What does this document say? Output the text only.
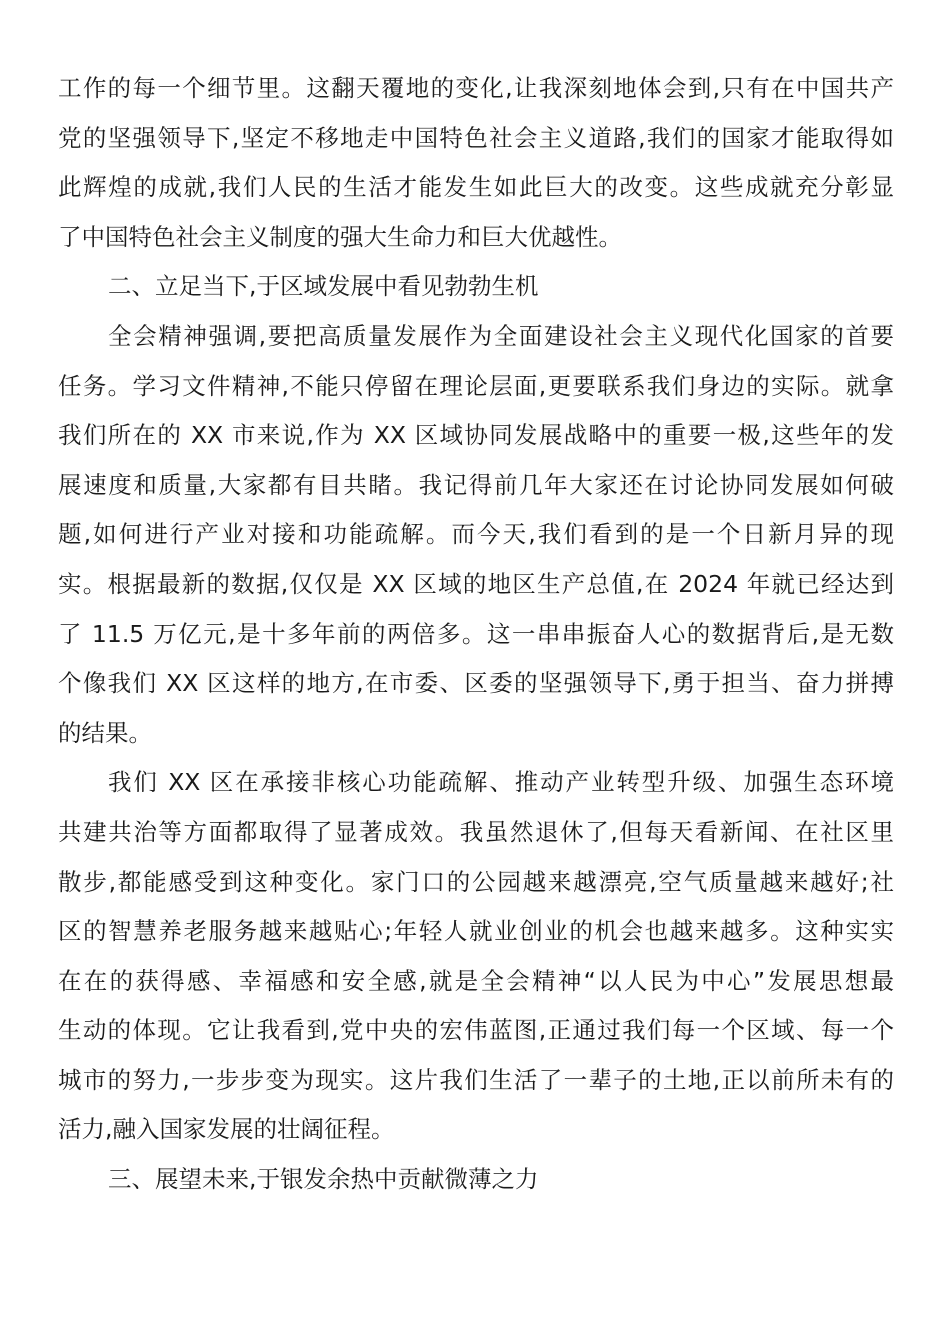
工作的每一个细节里。这翻天覆地的变化,让我深刻地体会到,只有在中国共产
党的坚强领导下,坚定不移地走中国特色社会主义道路,我们的国家才能取得如
此辉煌的成就,我们人民的生活才能发生如此巨大的改变。这些成就充分彰显
了中国特色社会主义制度的强大生命力和巨大优越性。
二、立足当下,于区域发展中看见勃勃生机
全会精神强调,要把高质量发展作为全面建设社会主义现代化国家的首要
任务。学习文件精神,不能只停留在理论层面,更要联系我们身边的实际。就拿
我们所在的 XX 市来说,作为 XX 区域协同发展战略中的重要一极,这些年的发
展速度和质量,大家都有目共睹。我记得前几年大家还在讨论协同发展如何破
题,如何进行产业对接和功能疏解。而今天,我们看到的是一个日新月异的现
实。根据最新的数据,仅仅是 XX 区域的地区生产总值,在 2024 年就已经达到
了 11.5 万亿元,是十多年前的两倍多。这一串串振奋人心的数据背后,是无数
个像我们 XX 区这样的地方,在市委、区委的坚强领导下,勇于担当、奋力拼搏
的结果。
我们 XX 区在承接非核心功能疏解、推动产业转型升级、加强生态环境
共建共治等方面都取得了显著成效。我虽然退休了,但每天看新闻、在社区里
散步,都能感受到这种变化。家门口的公园越来越漂亮,空气质量越来越好;社
区的智慧养老服务越来越贴心;年轻人就业创业的机会也越来越多。这种实实
在在的获得感、幸福感和安全感,就是全会精神“以人民为中心”发展思想最
生动的体现。它让我看到,党中央的宏伟蓝图,正通过我们每一个区域、每一个
城市的努力,一步步变为现实。这片我们生活了一辈子的土地,正以前所未有的
活力,融入国家发展的壮阔征程。
三、展望未来,于银发余热中贡献微薄之力
